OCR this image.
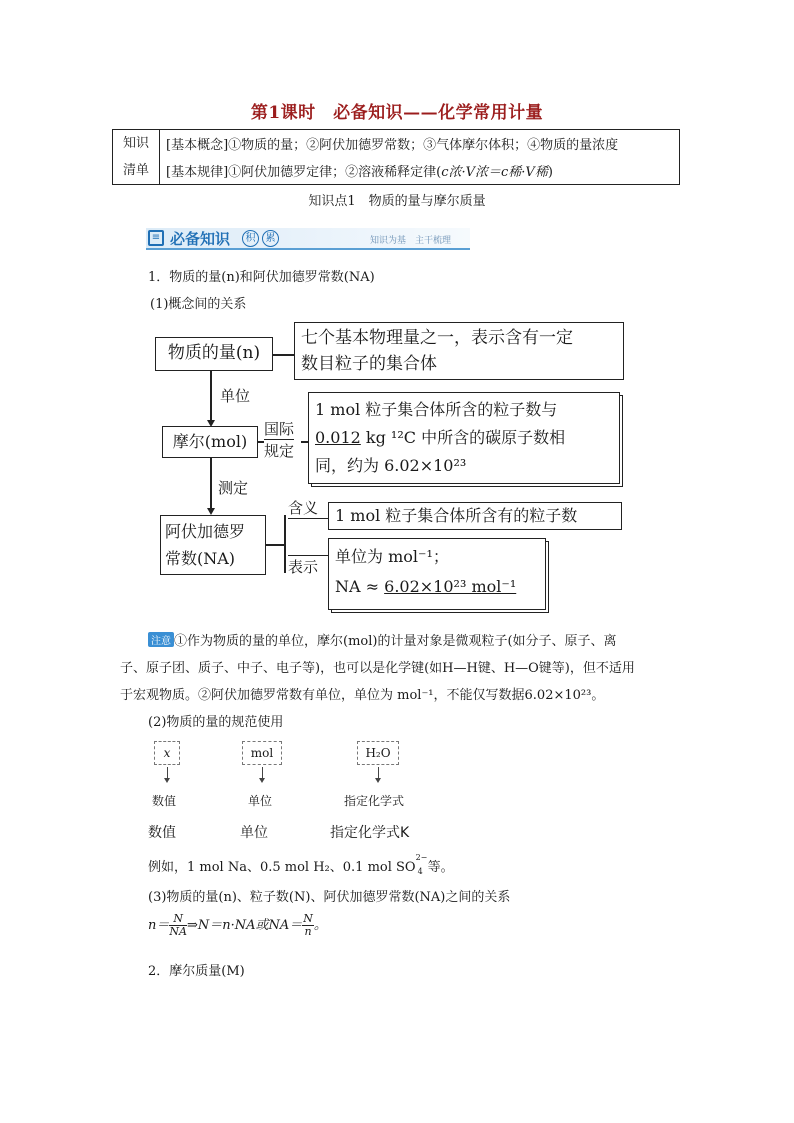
第1课时　必备知识——化学常用计量
知识
清单
[基本概念]①物质的量；②阿伏加德罗常数；③气体摩尔体积；④物质的量浓度
[基本规律]①阿伏加德罗定律；②溶液稀释定律(c浓·V浓＝c稀·V稀)
知识点1　物质的量与摩尔质量
≡ 必备知识	积	累	知识为基　主干梳理
1．物质的量(n)和阿伏加德罗常数(NA)
(1)概念间的关系
物质的量(n)
七个基本物理量之一，表示含有一定
数目粒子的集合体
单位
摩尔(mol)
国际
规定
1 mol 粒子集合体所含的粒子数与
0.012 kg ¹²C 中所含的碳原子数相
同，约为 6.02×10²³
测定
阿伏加德罗
常数(NA)
含义
表示
1 mol 粒子集合体所含有的粒子数
单位为 mol⁻¹；
NA ≈ 6.02×10²³ mol⁻¹
注意 ①作为物质的量的单位，摩尔(mol)的计量对象是微观粒子(如分子、原子、离
子、原子团、质子、中子、电子等)，也可以是化学键(如H—H键、H—O键等)，但不适用
于宏观物质。②阿伏加德罗常数有单位，单位为 mol⁻¹，不能仅写数据6.02×10²³。
(2)物质的量的规范使用
x	mol	H₂O
数值	单位	指定化学式
数值	单位	指定化学式K
例如，1 mol Na、0.5 mol H₂、0.1 mol SO
2−
4 等。
(3)物质的量(n)、粒子数(N)、阿伏加德罗常数(NA)之间的关系
$n= \frac{N}{NA}$ ⇒N＝n·NA或$NA= \frac{N}{n}$ 。
2．摩尔质量(M)
